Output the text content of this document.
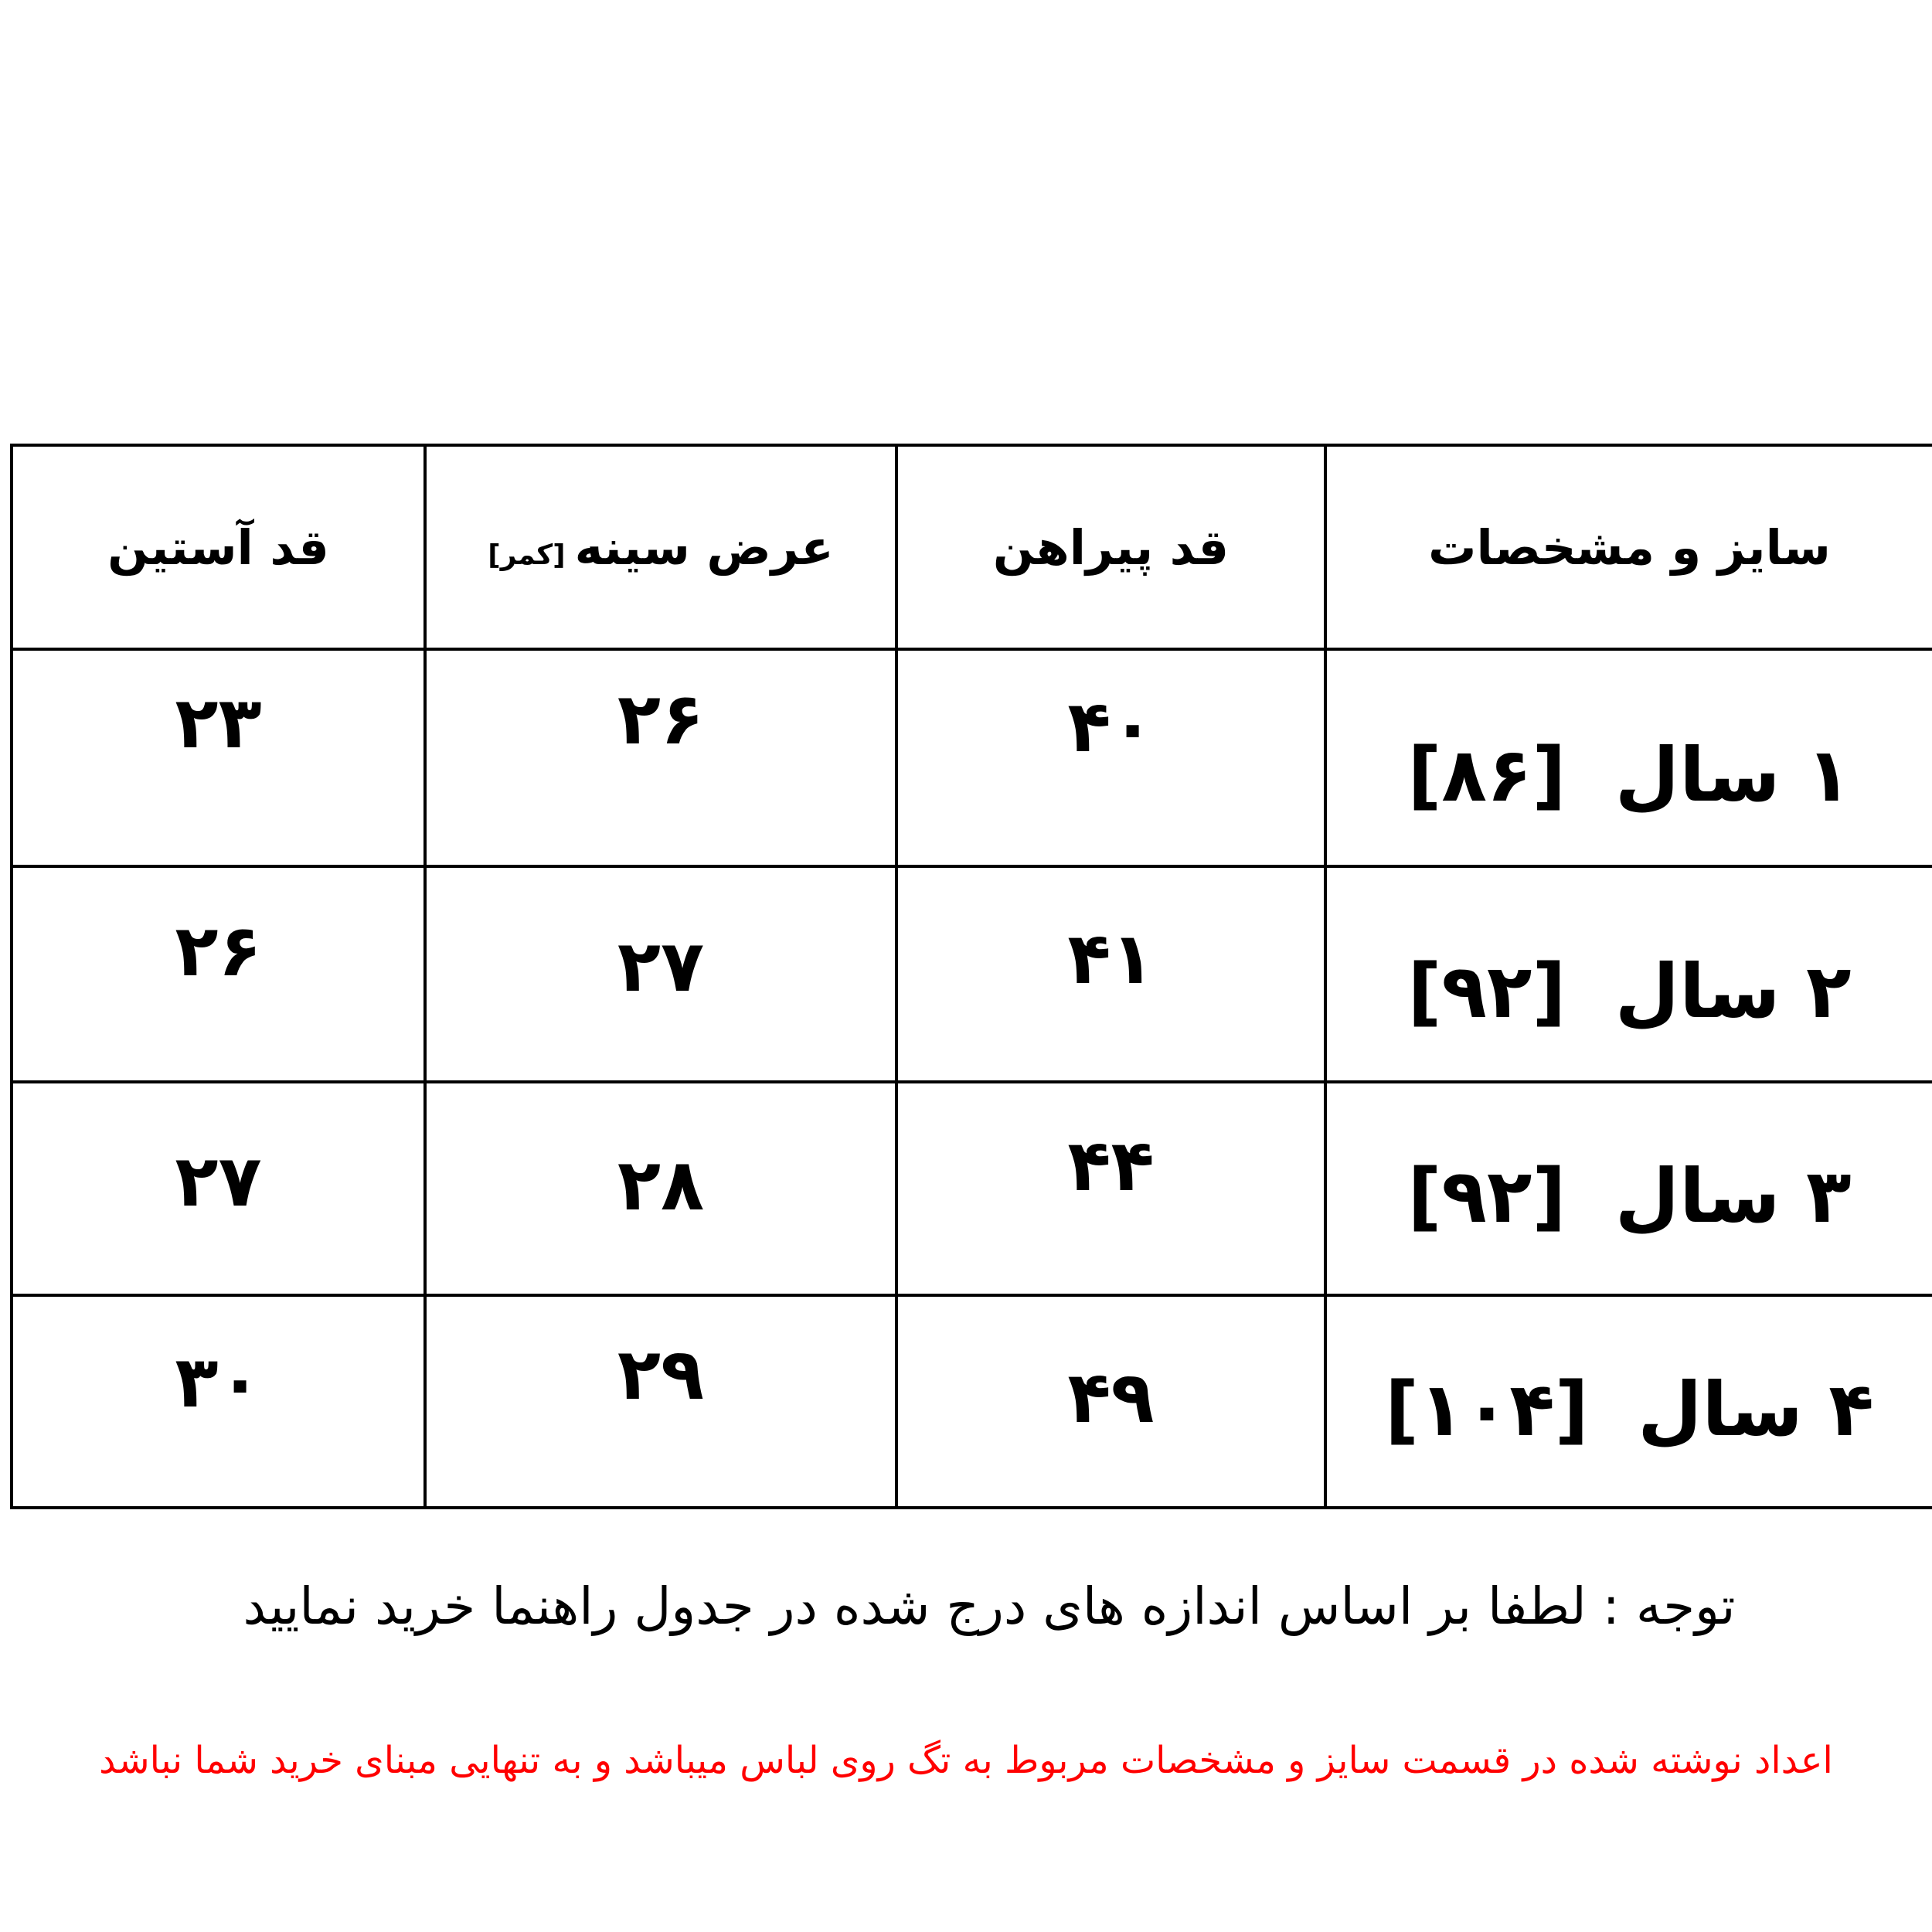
سایز و مشخصات	قد پیراهن	عرض سینه[کمر]	قد آستین
۱ سال [۸۶]	۴۰	۲۶	۲۳
۲ سال [۹۲]	۴۱	۲۷	۲۶
۳ سال [۹۲]	۴۴	۲۸	۲۷
۴ سال [۱۰۴]	۴۹	۲۹	۳۰
توجه : لطفا بر اساس اندازه های درج شده در جدول راهنما خرید نمایید
اعداد نوشته شده در قسمت سایز و مشخصات مربوط به تگ روی لباس میباشد و به تنهایی مبنای خرید شما نباشد
